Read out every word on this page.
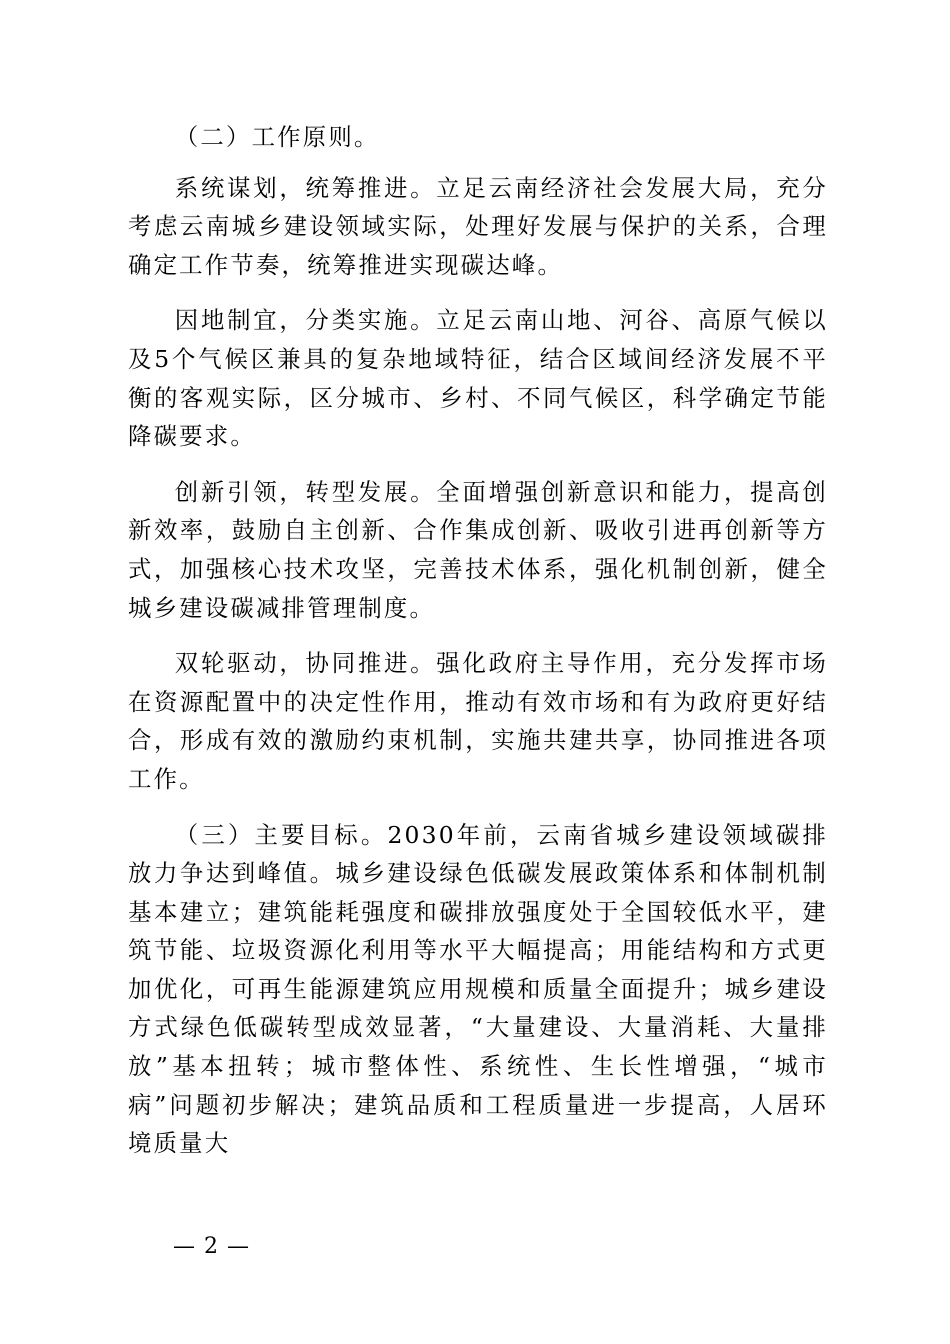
（二）工作原则。

系统谋划，统筹推进。立足云南经济社会发展大局，充分考虑云南城乡建设领域实际，处理好发展与保护的关系，合理确定工作节奏，统筹推进实现碳达峰。

因地制宜，分类实施。立足云南山地、河谷、高原气候以及5个气候区兼具的复杂地域特征，结合区域间经济发展不平衡的客观实际，区分城市、乡村、不同气候区，科学确定节能降碳要求。

创新引领，转型发展。全面增强创新意识和能力，提高创新效率，鼓励自主创新、合作集成创新、吸收引进再创新等方式，加强核心技术攻坚，完善技术体系，强化机制创新，健全城乡建设碳减排管理制度。

双轮驱动，协同推进。强化政府主导作用，充分发挥市场在资源配置中的决定性作用，推动有效市场和有为政府更好结合，形成有效的激励约束机制，实施共建共享，协同推进各项工作。

（三）主要目标。2030年前，云南省城乡建设领域碳排放力争达到峰值。城乡建设绿色低碳发展政策体系和体制机制基本建立；建筑能耗强度和碳排放强度处于全国较低水平，建筑节能、垃圾资源化利用等水平大幅提高；用能结构和方式更加优化，可再生能源建筑应用规模和质量全面提升；城乡建设方式绿色低碳转型成效显著，“大量建设、大量消耗、大量排放”基本扭转；城市整体性、系统性、生长性增强，“城市病”问题初步解决；建筑品质和工程质量进一步提高，人居环境质量大

— 2 —
